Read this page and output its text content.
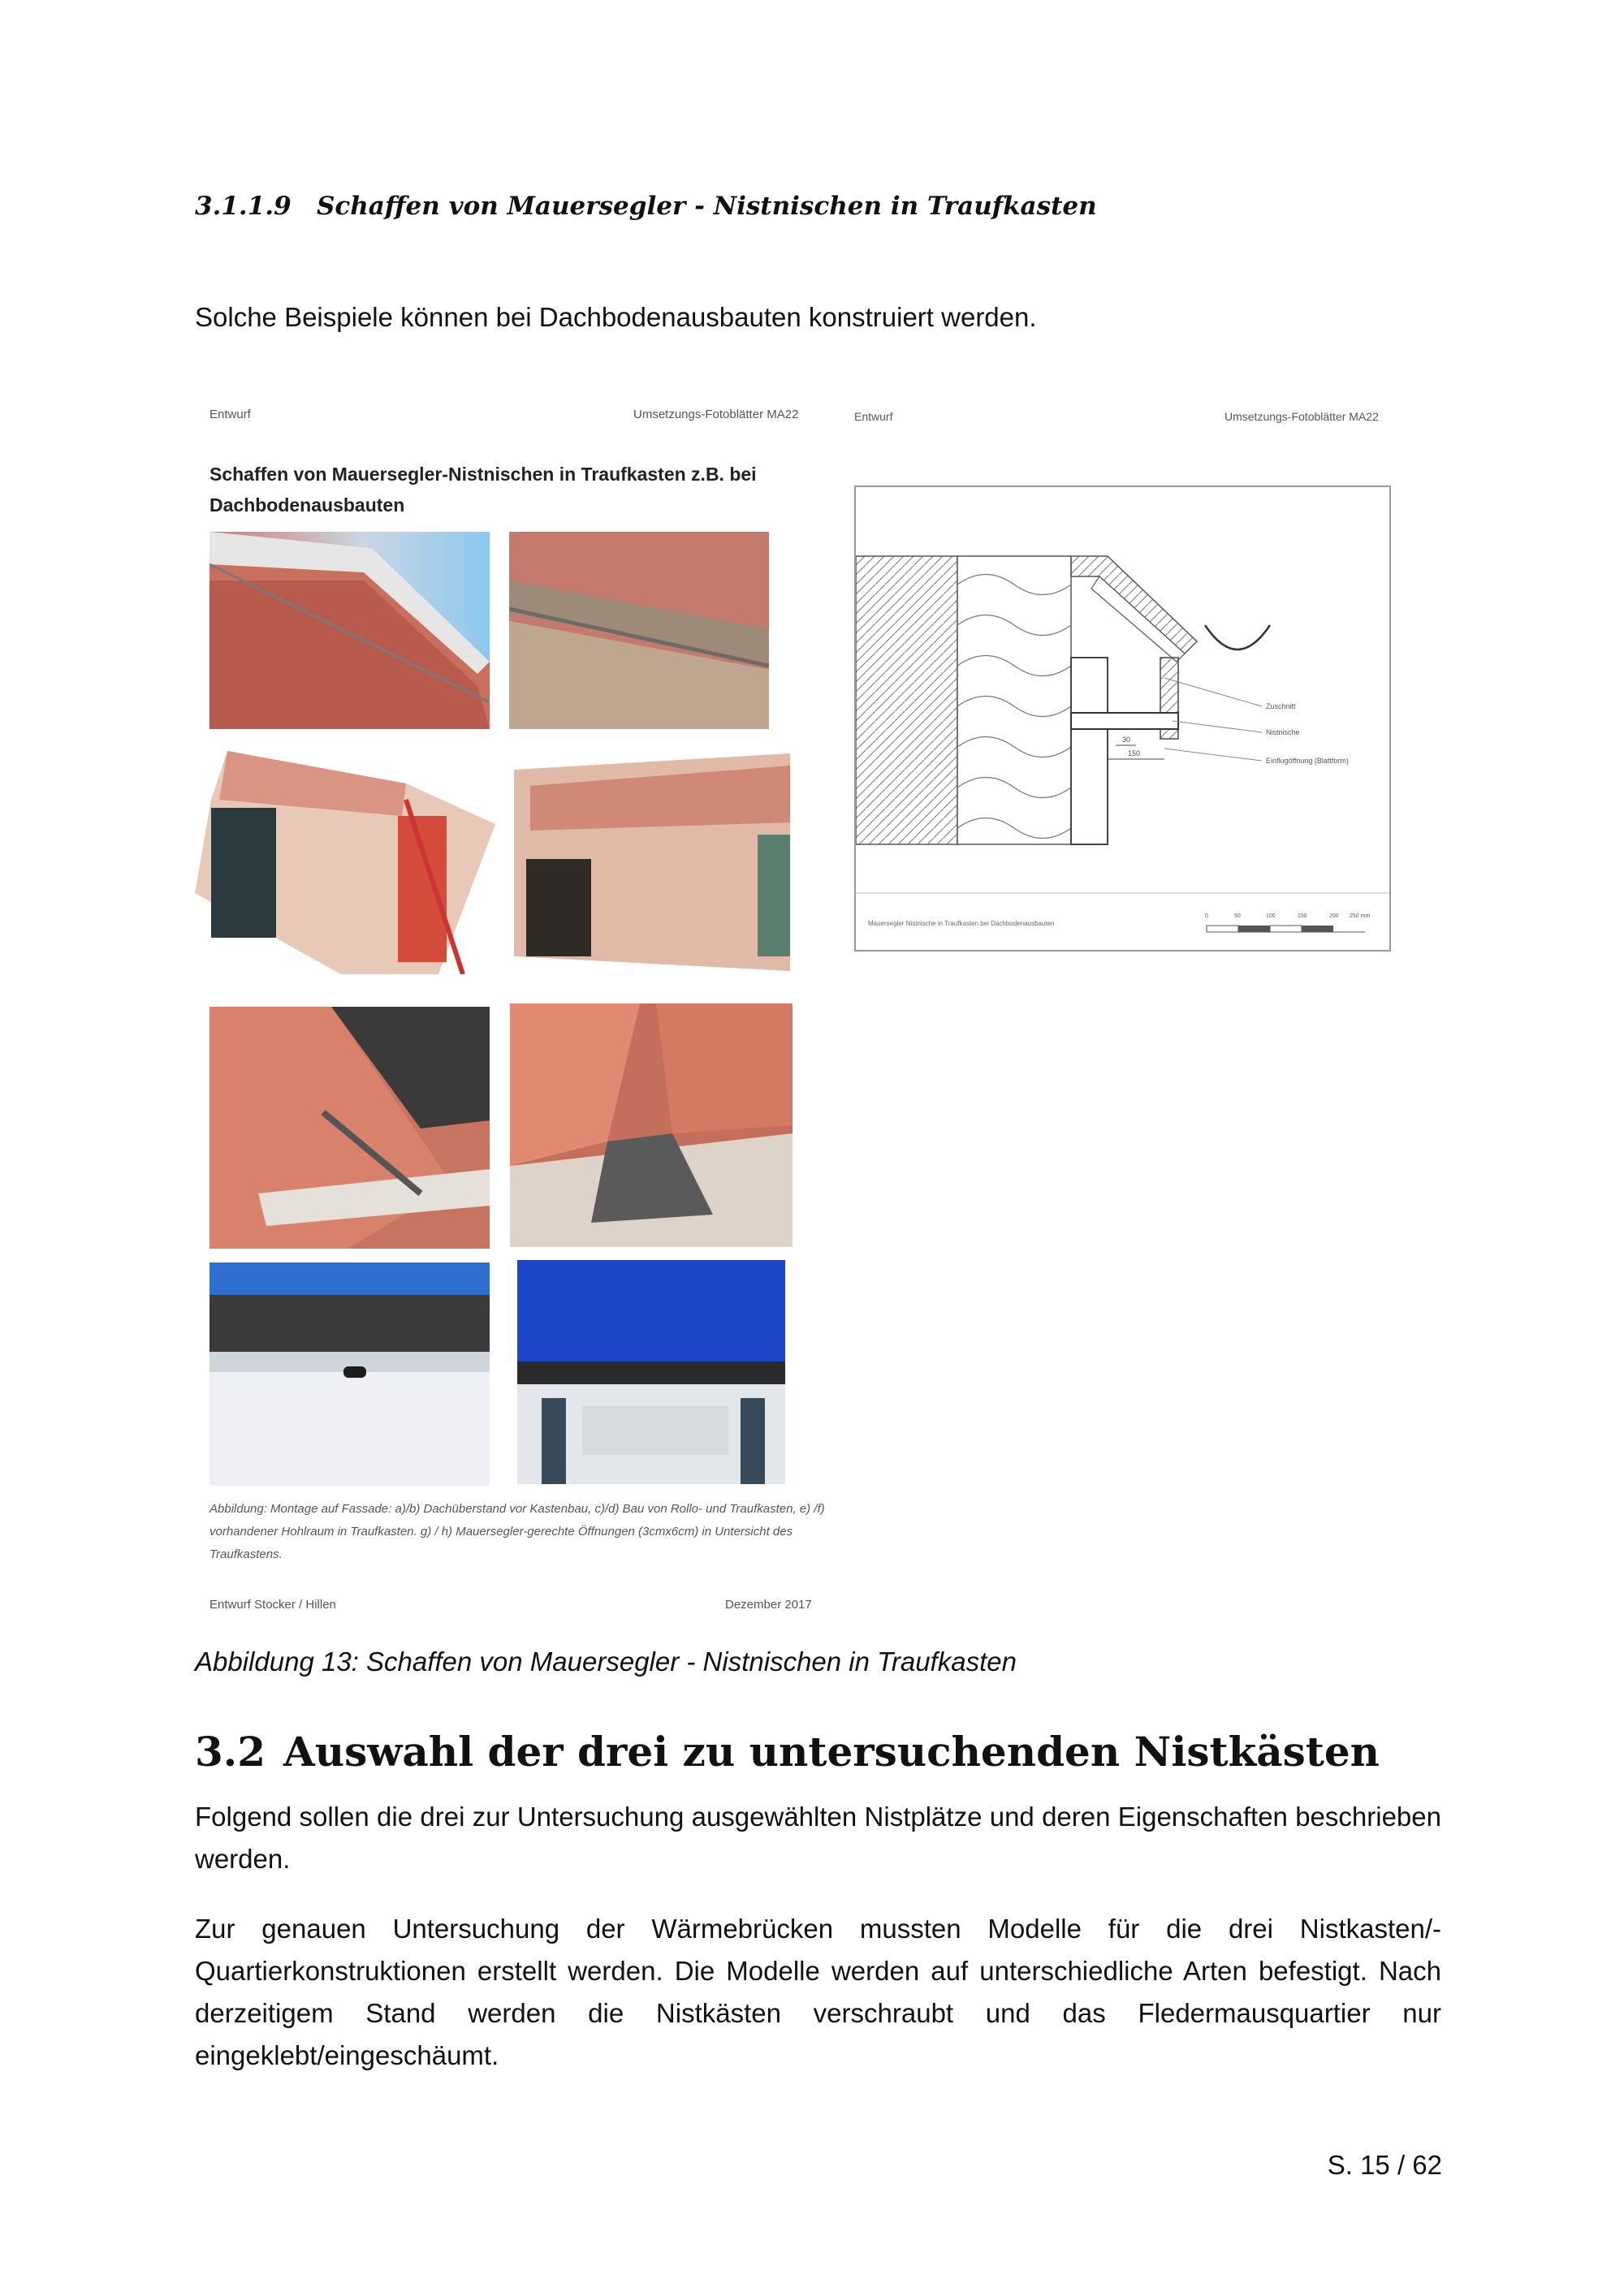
3.1.1.9 Schaffen von Mauersegler - Nistnischen in Traufkasten
Solche Beispiele können bei Dachbodenausbauten konstruiert werden.
Entwurf	Umsetzungs-Fotoblätter MA22
Schaffen von Mauersegler-Nistnischen in Traufkasten z.B. bei Dachbodenausbauten
Abbildung: Montage auf Fassade: a)/b) Dachüberstand vor Kastenbau, c)/d) Bau von Rollo- und Traufkasten, e) /f) vorhandener Hohlraum in Traufkasten. g) / h) Mauersegler-gerechte Öffnungen (3cmx6cm) in Untersicht des Traufkastens.
Entwurf Stocker / Hillen	Dezember 2017
Entwurf	Umsetzungs-Fotoblätter MA22
30
150
Zuschnitt
Nistnische
Einflugöffnung (Blattform)
Mauersegler Nistnische in Traufkasten bei Dachbodenausbauten
0	50	100	150	200 250 mm
Abbildung 13: Schaffen von Mauersegler - Nistnischen in Traufkasten
3.2 Auswahl der drei zu untersuchenden Nistkästen
Folgend sollen die drei zur Untersuchung ausgewählten Nistplätze und deren Eigenschaften beschrieben werden.
Zur genauen Untersuchung der Wärmebrücken mussten Modelle für die drei Nistkasten/-Quartierkonstruktionen erstellt werden. Die Modelle werden auf unterschiedliche Arten befestigt. Nach derzeitigem Stand werden die Nistkästen verschraubt und das Fledermausquartier nur eingeklebt/eingeschäumt.
S. 15 / 62
